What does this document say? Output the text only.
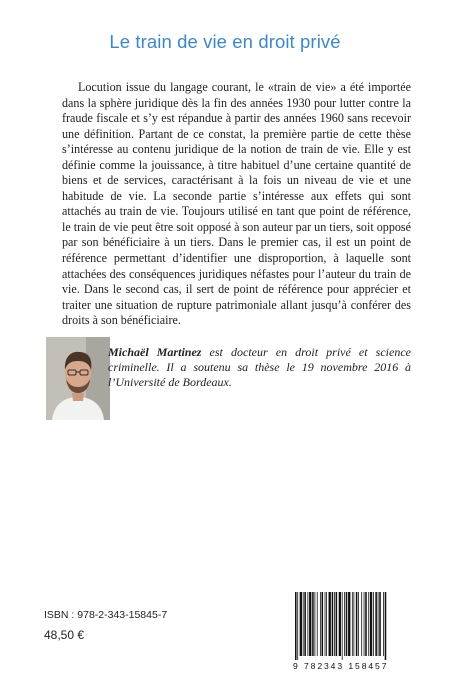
Le train de vie en droit privé

Locution issue du langage courant, le «train de vie» a été importée dans la sphère juridique dès la fin des années 1930 pour lutter contre la fraude fiscale et s’y est répandue à partir des années 1960 sans recevoir une définition. Partant de ce constat, la première partie de cette thèse s’intéresse au contenu juridique de la notion de train de vie. Elle y est définie comme la jouissance, à titre habituel d’une certaine quantité de biens et de services, caractérisant à la fois un niveau de vie et une habitude de vie. La seconde partie s’intéresse aux effets qui sont attachés au train de vie. Toujours utilisé en tant que point de référence, le train de vie peut être soit opposé à son auteur par un tiers, soit opposé par son bénéficiaire à un tiers. Dans le premier cas, il est un point de référence permettant d’identifier une disproportion, à laquelle sont attachées des conséquences juridiques néfastes pour l’auteur du train de vie. Dans le second cas, il sert de point de référence pour apprécier et traiter une situation de rupture patrimoniale allant jusqu’à conférer des droits à son bénéficiaire.

Michaël Martinez est docteur en droit privé et science criminelle. Il a soutenu sa thèse le 19 novembre 2016 à l’Université de Bordeaux.

ISBN : 978-2-343-15845-7
48,50 €
9 782343 158457
